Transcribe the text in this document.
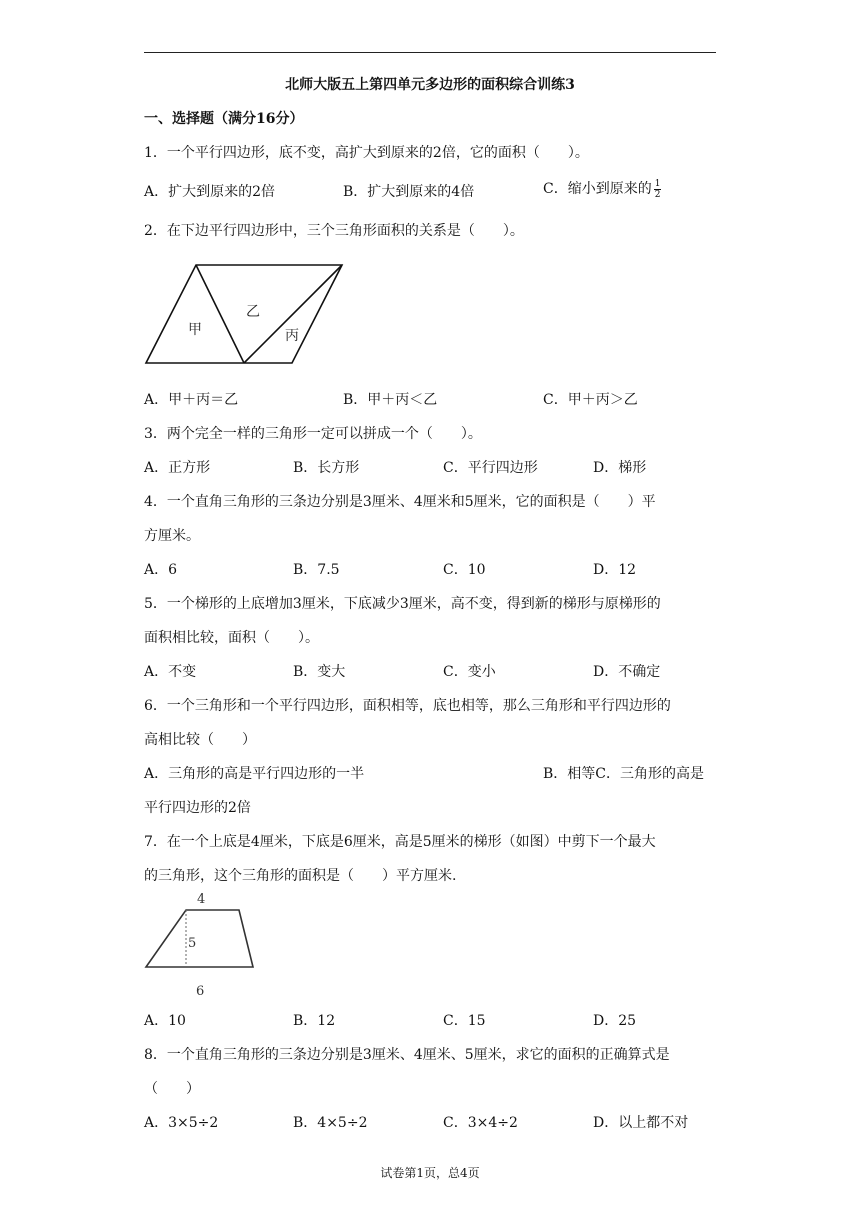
北师大版五上第四单元多边形的面积综合训练3
一、选择题（满分16分）
1．一个平行四边形，底不变，高扩大到原来的2倍，它的面积（　　）。
A．扩大到原来的2倍	B．扩大到原来的4倍	C．缩小到原来的 $\frac{1}{2}$
2．在下边平行四边形中，三个三角形面积的关系是（　　）。
甲
乙
丙
A．甲＋丙＝乙	B．甲＋丙＜乙	C．甲＋丙＞乙
3．两个完全一样的三角形一定可以拼成一个（　　）。
A．正方形	B．长方形	C．平行四边形	D．梯形
4．一个直角三角形的三条边分别是3厘米、4厘米和5厘米，它的面积是（　　）平
方厘米。
A．6	B．7.5	C．10	D．12
5．一个梯形的上底增加3厘米，下底减少3厘米，高不变，得到新的梯形与原梯形的
面积相比较，面积（　　）。
A．不变	B．变大	C．变小	D．不确定
6．一个三角形和一个平行四边形，面积相等，底也相等，那么三角形和平行四边形的
高相比较（　　）
A．三角形的高是平行四边形的一半	B．相等C．三角形的高是
平行四边形的2倍
7．在一个上底是4厘米，下底是6厘米，高是5厘米的梯形（如图）中剪下一个最大
的三角形，这个三角形的面积是（　　）平方厘米.
4
5
6
A．10	B．12	C．15	D．25
8．一个直角三角形的三条边分别是3厘米、4厘米、5厘米，求它的面积的正确算式是
（　　）
A．3×5÷2	B．4×5÷2	C．3×4÷2	D．以上都不对
试卷第1页，总4页
